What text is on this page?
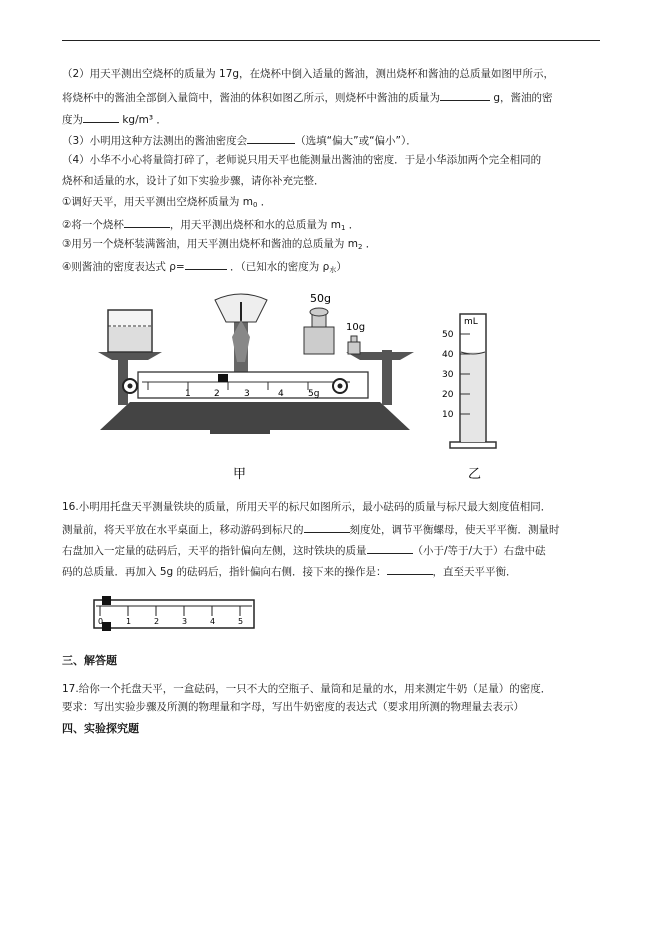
（2）用天平测出空烧杯的质量为 17g，在烧杯中倒入适量的酱油，测出烧杯和酱油的总质量如图甲所示，
将烧杯中的酱油全部倒入量筒中，酱油的体积如图乙所示，则烧杯中酱油的质量为	g，酱油的密
度为	kg/m³ ．
（3）小明用这种方法测出的酱油密度会	（选填“偏大”或“偏小”）．
（4）小华不小心将量筒打碎了，老师说只用天平也能测量出酱油的密度．于是小华添加两个完全相同的
烧杯和适量的水，设计了如下实验步骤，请你补充完整．
①调好天平，用天平测出空烧杯质量为 $m_0$ ．
②将一个烧杯	，用天平测出烧杯和水的总质量为 $m_1$ ．
③用另一个烧杯装满酱油，用天平测出烧杯和酱油的总质量为 $m_2$ ．
④则酱油的密度表达式 ρ=	．（已知水的密度为 $\rho_水$）
1	2	3	4	5g
50g
10g
甲
mL
50
40
30
20
10
乙
16.小明用托盘天平测量铁块的质量，所用天平的标尺如图所示，最小砝码的质量与标尺最大刻度值相同．
测量前，将天平放在水平桌面上，移动游码到标尺的	刻度处，调节平衡螺母，使天平平衡．测量时
右盘加入一定量的砝码后，天平的指针偏向左侧，这时铁块的质量	（小于/等于/大于）右盘中砝
码的总质量．再加入 5g 的砝码后，指针偏向右侧．接下来的操作是：	，直至天平平衡．
0	1	2	3	4	5
三、解答题
17.给你一个托盘天平，一盒砝码，一只不大的空瓶子、量筒和足量的水，用来测定牛奶（足量）的密度．
要求：写出实验步骤及所测的物理量和字母，写出牛奶密度的表达式（要求用所测的物理量去表示）
四、实验探究题
